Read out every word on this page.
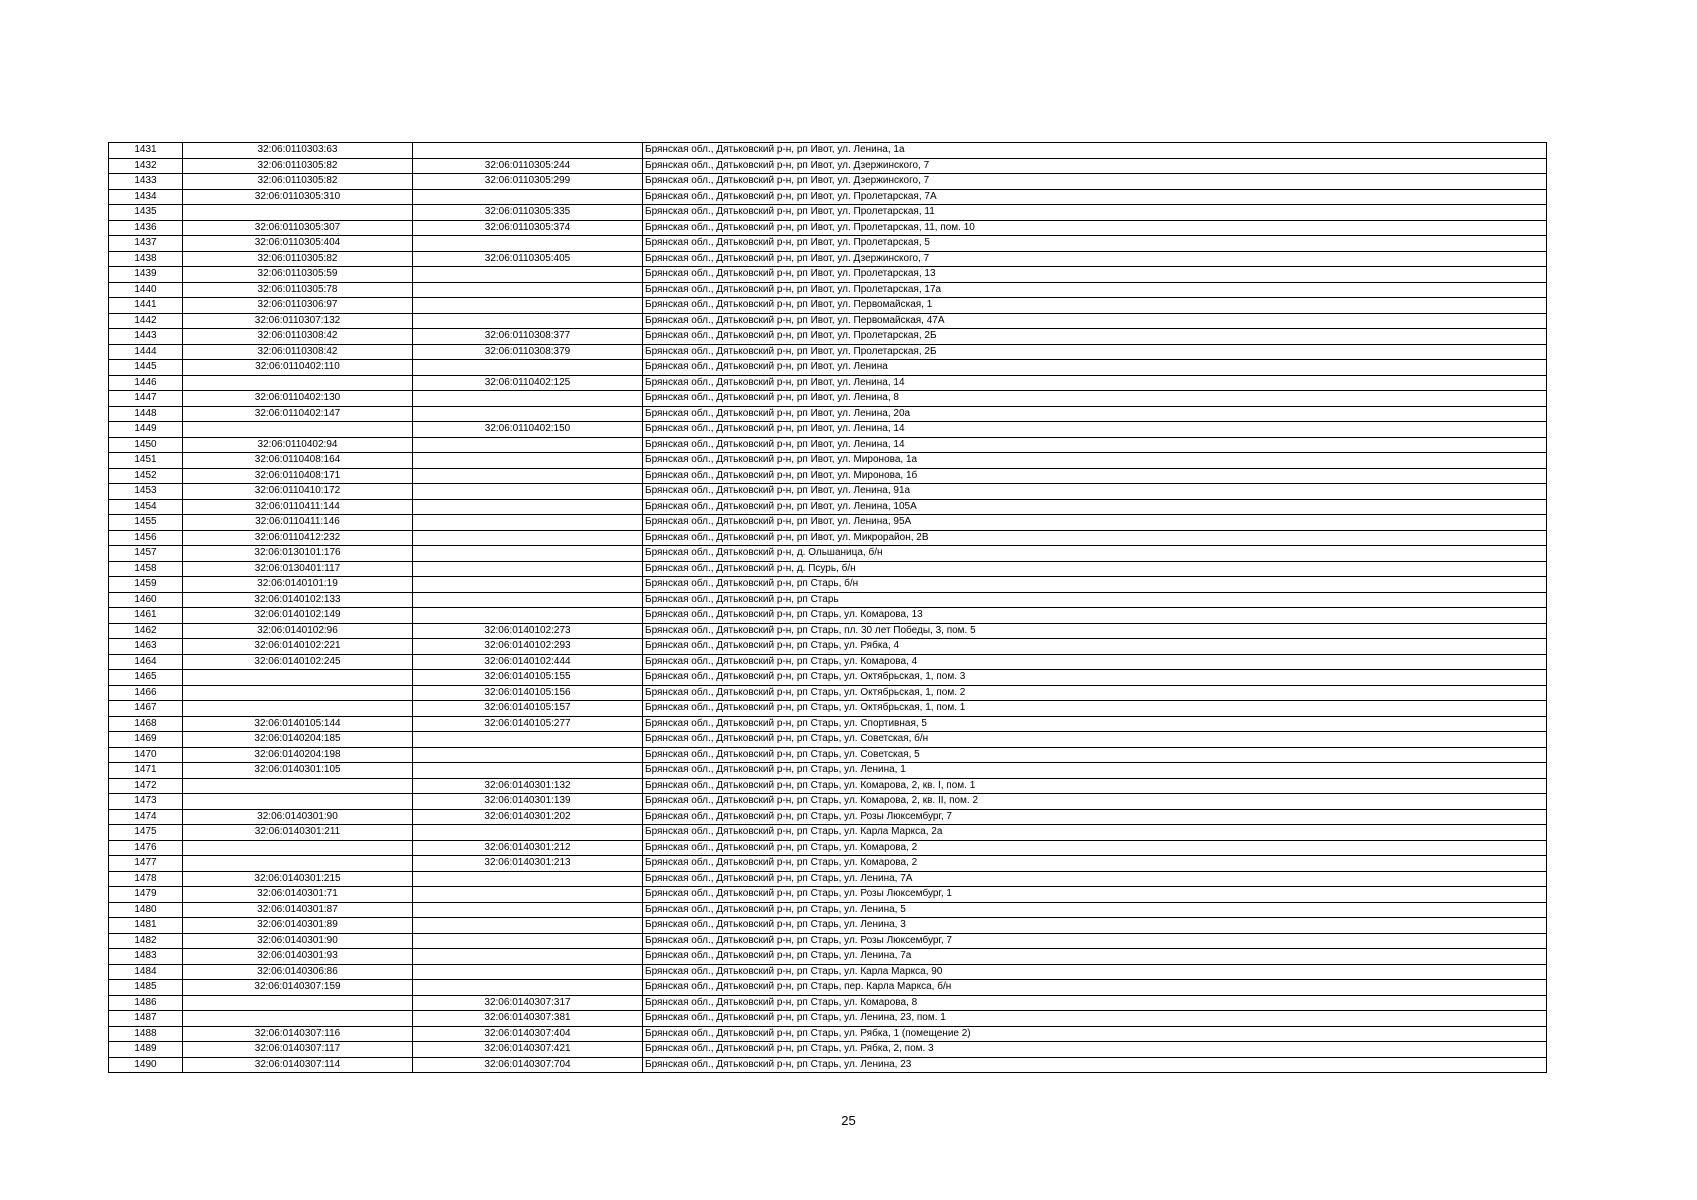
1431	32:06:0110303:63		Брянская обл., Дятьковский р-н, рп Ивот, ул. Ленина, 1а
1432	32:06:0110305:82	32:06:0110305:244	Брянская обл., Дятьковский р-н, рп Ивот, ул. Дзержинского, 7
1433	32:06:0110305:82	32:06:0110305:299	Брянская обл., Дятьковский р-н, рп Ивот, ул. Дзержинского, 7
1434	32:06:0110305:310		Брянская обл., Дятьковский р-н, рп Ивот, ул. Пролетарская, 7А
1435		32:06:0110305:335	Брянская обл., Дятьковский р-н, рп Ивот, ул. Пролетарская, 11
1436	32:06:0110305:307	32:06:0110305:374	Брянская обл., Дятьковский р-н, рп Ивот, ул. Пролетарская, 11, пом. 10
1437	32:06:0110305:404		Брянская обл., Дятьковский р-н, рп Ивот, ул. Пролетарская, 5
1438	32:06:0110305:82	32:06:0110305:405	Брянская обл., Дятьковский р-н, рп Ивот, ул. Дзержинского, 7
1439	32:06:0110305:59		Брянская обл., Дятьковский р-н, рп Ивот, ул. Пролетарская, 13
1440	32:06:0110305:78		Брянская обл., Дятьковский р-н, рп Ивот, ул. Пролетарская, 17а
1441	32:06:0110306:97		Брянская обл., Дятьковский р-н, рп Ивот, ул. Первомайская, 1
1442	32:06:0110307:132		Брянская обл., Дятьковский р-н, рп Ивот, ул. Первомайская, 47А
1443	32:06:0110308:42	32:06:0110308:377	Брянская обл., Дятьковский р-н, рп Ивот, ул. Пролетарская, 2Б
1444	32:06:0110308:42	32:06:0110308:379	Брянская обл., Дятьковский р-н, рп Ивот, ул. Пролетарская, 2Б
1445	32:06:0110402:110		Брянская обл., Дятьковский р-н, рп Ивот, ул. Ленина
1446		32:06:0110402:125	Брянская обл., Дятьковский р-н, рп Ивот, ул. Ленина, 14
1447	32:06:0110402:130		Брянская обл., Дятьковский р-н, рп Ивот, ул. Ленина, 8
1448	32:06:0110402:147		Брянская обл., Дятьковский р-н, рп Ивот, ул. Ленина, 20а
1449		32:06:0110402:150	Брянская обл., Дятьковский р-н, рп Ивот, ул. Ленина, 14
1450	32:06:0110402:94		Брянская обл., Дятьковский р-н, рп Ивот, ул. Ленина, 14
1451	32:06:0110408:164		Брянская обл., Дятьковский р-н, рп Ивот, ул. Миронова, 1а
1452	32:06:0110408:171		Брянская обл., Дятьковский р-н, рп Ивот, ул. Миронова, 1б
1453	32:06:0110410:172		Брянская обл., Дятьковский р-н, рп Ивот, ул. Ленина, 91а
1454	32:06:0110411:144		Брянская обл., Дятьковский р-н, рп Ивот, ул. Ленина, 105А
1455	32:06:0110411:146		Брянская обл., Дятьковский р-н, рп Ивот, ул. Ленина, 95А
1456	32:06:0110412:232		Брянская обл., Дятьковский р-н, рп Ивот, ул. Микрорайон, 2В
1457	32:06:0130101:176		Брянская обл., Дятьковский р-н, д. Ольшаница, б/н
1458	32:06:0130401:117		Брянская обл., Дятьковский р-н, д. Псурь, б/н
1459	32:06:0140101:19		Брянская обл., Дятьковский р-н, рп Старь, б/н
1460	32:06:0140102:133		Брянская обл., Дятьковский р-н, рп Старь
1461	32:06:0140102:149		Брянская обл., Дятьковский р-н, рп Старь, ул. Комарова, 13
1462	32:06:0140102:96	32:06:0140102:273	Брянская обл., Дятьковский р-н, рп Старь, пл. 30 лет Победы, 3, пом. 5
1463	32:06:0140102:221	32:06:0140102:293	Брянская обл., Дятьковский р-н, рп Старь, ул. Рябка, 4
1464	32:06:0140102:245	32:06:0140102:444	Брянская обл., Дятьковский р-н, рп Старь, ул. Комарова, 4
1465		32:06:0140105:155	Брянская обл., Дятьковский р-н, рп Старь, ул. Октябрьская, 1, пом. 3
1466		32:06:0140105:156	Брянская обл., Дятьковский р-н, рп Старь, ул. Октябрьская, 1, пом. 2
1467		32:06:0140105:157	Брянская обл., Дятьковский р-н, рп Старь, ул. Октябрьская, 1, пом. 1
1468	32:06:0140105:144	32:06:0140105:277	Брянская обл., Дятьковский р-н, рп Старь, ул. Спортивная, 5
1469	32:06:0140204:185		Брянская обл., Дятьковский р-н, рп Старь, ул. Советская, б/н
1470	32:06:0140204:198		Брянская обл., Дятьковский р-н, рп Старь, ул. Советская, 5
1471	32:06:0140301:105		Брянская обл., Дятьковский р-н, рп Старь, ул. Ленина, 1
1472		32:06:0140301:132	Брянская обл., Дятьковский р-н, рп Старь, ул. Комарова, 2, кв. I, пом. 1
1473		32:06:0140301:139	Брянская обл., Дятьковский р-н, рп Старь, ул. Комарова, 2, кв. II, пом. 2
1474	32:06:0140301:90	32:06:0140301:202	Брянская обл., Дятьковский р-н, рп Старь, ул. Розы Люксембург, 7
1475	32:06:0140301:211		Брянская обл., Дятьковский р-н, рп Старь, ул. Карла Маркса, 2а
1476		32:06:0140301:212	Брянская обл., Дятьковский р-н, рп Старь, ул. Комарова, 2
1477		32:06:0140301:213	Брянская обл., Дятьковский р-н, рп Старь, ул. Комарова, 2
1478	32:06:0140301:215		Брянская обл., Дятьковский р-н, рп Старь, ул. Ленина, 7А
1479	32:06:0140301:71		Брянская обл., Дятьковский р-н, рп Старь, ул. Розы Люксембург, 1
1480	32:06:0140301:87		Брянская обл., Дятьковский р-н, рп Старь, ул. Ленина, 5
1481	32:06:0140301:89		Брянская обл., Дятьковский р-н, рп Старь, ул. Ленина, 3
1482	32:06:0140301:90		Брянская обл., Дятьковский р-н, рп Старь, ул. Розы Люксембург, 7
1483	32:06:0140301:93		Брянская обл., Дятьковский р-н, рп Старь, ул. Ленина, 7а
1484	32:06:0140306:86		Брянская обл., Дятьковский р-н, рп Старь, ул. Карла Маркса, 90
1485	32:06:0140307:159		Брянская обл., Дятьковский р-н, рп Старь, пер. Карла Маркса, б/н
1486		32:06:0140307:317	Брянская обл., Дятьковский р-н, рп Старь, ул. Комарова, 8
1487		32:06:0140307:381	Брянская обл., Дятьковский р-н, рп Старь, ул. Ленина, 23, пом. 1
1488	32:06:0140307:116	32:06:0140307:404	Брянская обл., Дятьковский р-н, рп Старь, ул. Рябка, 1 (помещение 2)
1489	32:06:0140307:117	32:06:0140307:421	Брянская обл., Дятьковский р-н, рп Старь, ул. Рябка, 2, пом. 3
1490	32:06:0140307:114	32:06:0140307:704	Брянская обл., Дятьковский р-н, рп Старь, ул. Ленина, 23
25
